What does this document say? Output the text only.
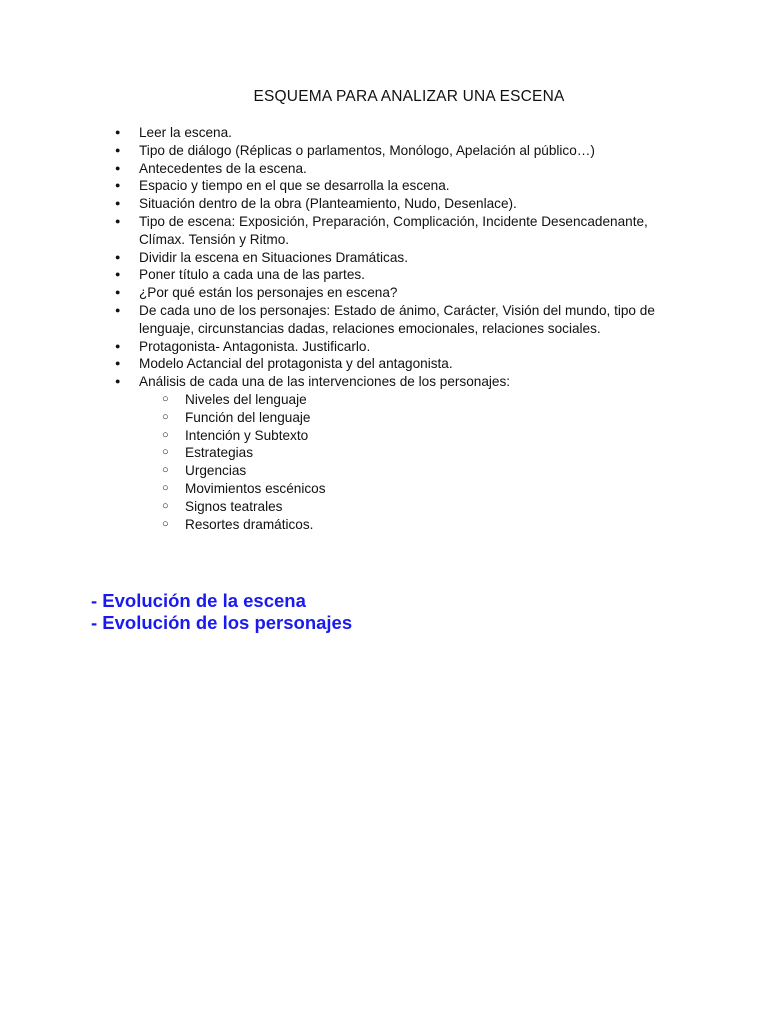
ESQUEMA PARA ANALIZAR UNA ESCENA
● Leer la escena.
● Tipo de diálogo (Réplicas o parlamentos, Monólogo, Apelación al público…)
● Antecedentes de la escena.
● Espacio y tiempo en el que se desarrolla la escena.
● Situación dentro de la obra (Planteamiento, Nudo, Desenlace).
● Tipo de escena: Exposición, Preparación, Complicación, Incidente Desencadenante, Clímax. Tensión y Ritmo.
● Dividir la escena en Situaciones Dramáticas.
● Poner título a cada una de las partes.
● ¿Por qué están los personajes en escena?
● De cada uno de los personajes: Estado de ánimo, Carácter, Visión del mundo, tipo de lenguaje, circunstancias dadas, relaciones emocionales, relaciones sociales.
● Protagonista- Antagonista. Justificarlo.
● Modelo Actancial del protagonista y del antagonista.
● Análisis de cada una de las intervenciones de los personajes:
○ Niveles del lenguaje
○ Función del lenguaje
○ Intención y Subtexto
○ Estrategias
○ Urgencias
○ Movimientos escénicos
○ Signos teatrales
○ Resortes dramáticos.
- Evolución de la escena
- Evolución de los personajes
